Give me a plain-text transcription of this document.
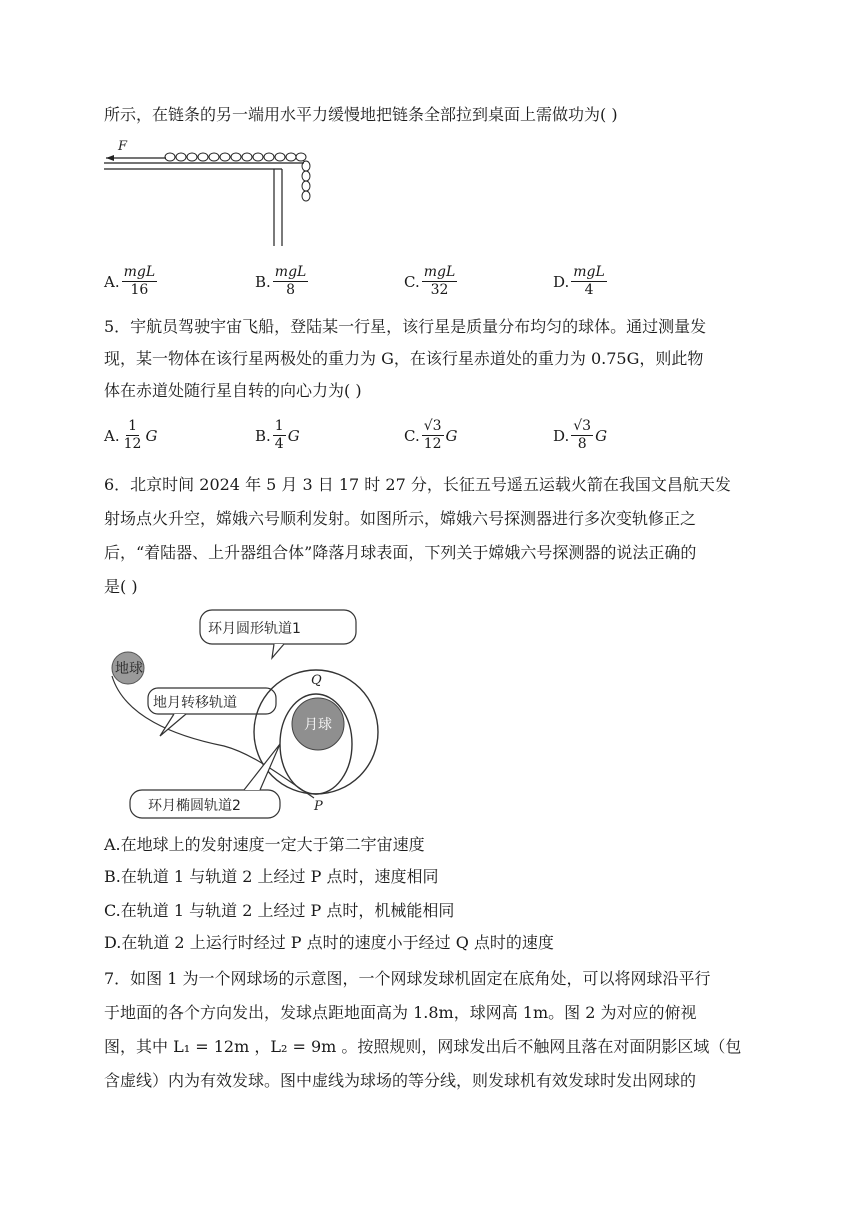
所示，在链条的另一端用水平力缓慢地把链条全部拉到桌面上需做功为( )
F
A. $\frac{\text{mgL}}{16}$	B. $\frac{\text{mgL}}{8}$	C. $\frac{\text{mgL}}{32}$	D. $\frac{\text{mgL}}{4}$
5．宇航员驾驶宇宙飞船，登陆某一行星，该行星是质量分布均匀的球体。通过测量发
现，某一物体在该行星两极处的重力为 G，在该行星赤道处的重力为 0.75G，则此物
体在赤道处随行星自转的向心力为( )
A. $\frac{1}{12}$ G	B. $\frac{1}{4}$ G	C. $\frac{√3}{12}$ G	D. $\frac{√3}{8}$ G
6．北京时间 2024 年 5 月 3 日 17 时 27 分，长征五号遥五运载火箭在我国文昌航天发
射场点火升空，嫦娥六号顺利发射。如图所示，嫦娥六号探测器进行多次变轨修正之
后，“着陆器、上升器组合体”降落月球表面，下列关于嫦娥六号探测器的说法正确的
是( )
环月圆形轨道1
地球
地月转移轨道
月球
Q
P
环月椭圆轨道2
A.在地球上的发射速度一定大于第二宇宙速度
B.在轨道 1 与轨道 2 上经过 P 点时，速度相同
C.在轨道 1 与轨道 2 上经过 P 点时，机械能相同
D.在轨道 2 上运行时经过 P 点时的速度小于经过 Q 点时的速度
7．如图 1 为一个网球场的示意图，一个网球发球机固定在底角处，可以将网球沿平行
于地面的各个方向发出，发球点距地面高为 1.8m，球网高 1m。图 2 为对应的俯视
图，其中 L₁ = 12m ，L₂ = 9m 。按照规则，网球发出后不触网且落在对面阴影区域（包
含虚线）内为有效发球。图中虚线为球场的等分线，则发球机有效发球时发出网球的
